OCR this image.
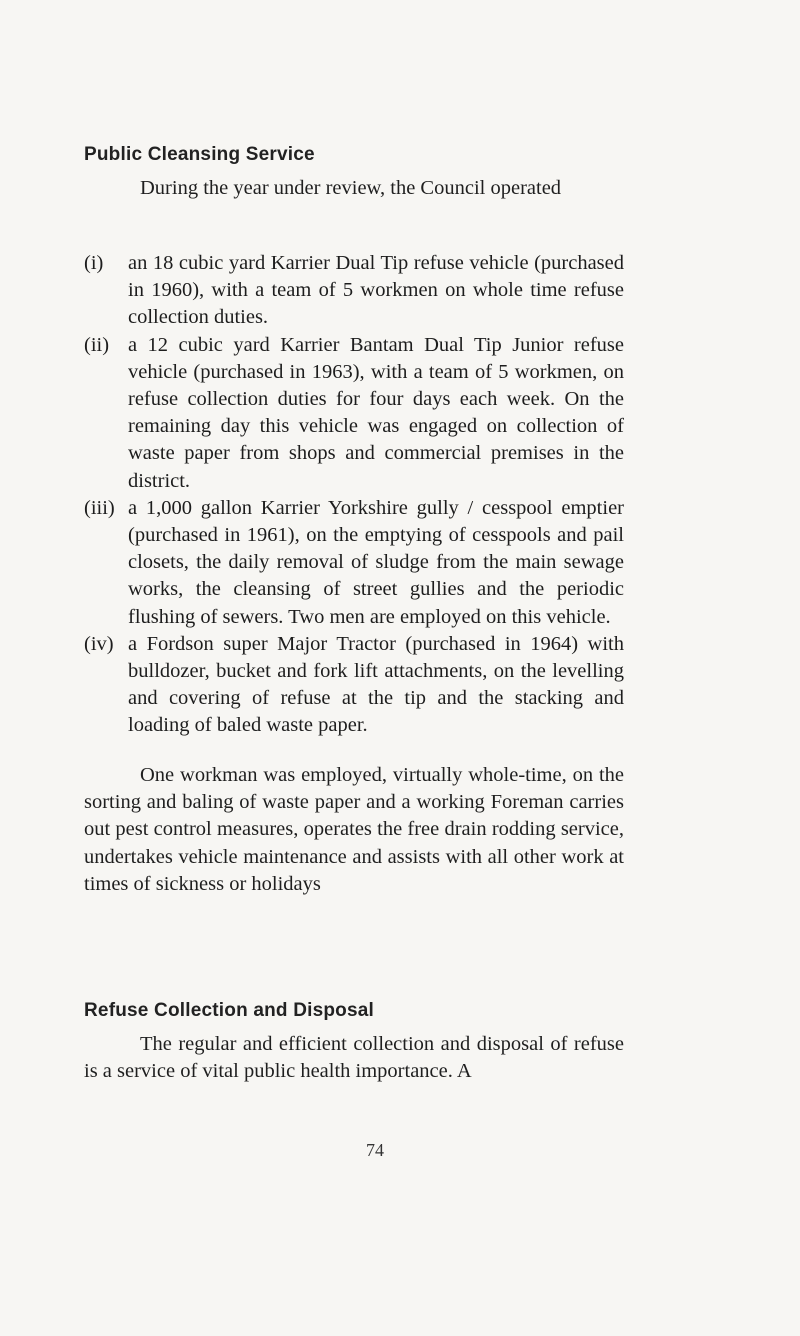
Public Cleansing Service

During the year under review, the Council operated

(i)	an 18 cubic yard Karrier Dual Tip refuse vehicle (purchased in 1960), with a team of 5 workmen on whole time refuse collection duties.
(ii) a 12 cubic yard Karrier Bantam Dual Tip Junior refuse vehicle (purchased in 1963), with a team of 5 workmen, on refuse collection duties for four days each week. On the remaining day this vehicle was engaged on collection of waste paper from shops and commercial premises in the district.
(iii) a 1,000 gallon Karrier Yorkshire gully / cesspool emptier (purchased in 1961), on the emptying of cesspools and pail closets, the daily removal of sludge from the main sewage works, the cleansing of street gullies and the periodic flushing of sewers. Two men are employed on this vehicle.
(iv) a Fordson super Major Tractor (purchased in 1964) with bulldozer, bucket and fork lift attachments, on the levelling and covering of refuse at the tip and the stacking and loading of baled waste paper.

One workman was employed, virtually whole-time, on the sorting and baling of waste paper and a working Foreman carries out pest control measures, operates the free drain rodding service, undertakes vehicle maintenance and assists with all other work at times of sickness or holidays

Refuse Collection and Disposal

The regular and efficient collection and disposal of refuse is a service of vital public health importance. A

74
